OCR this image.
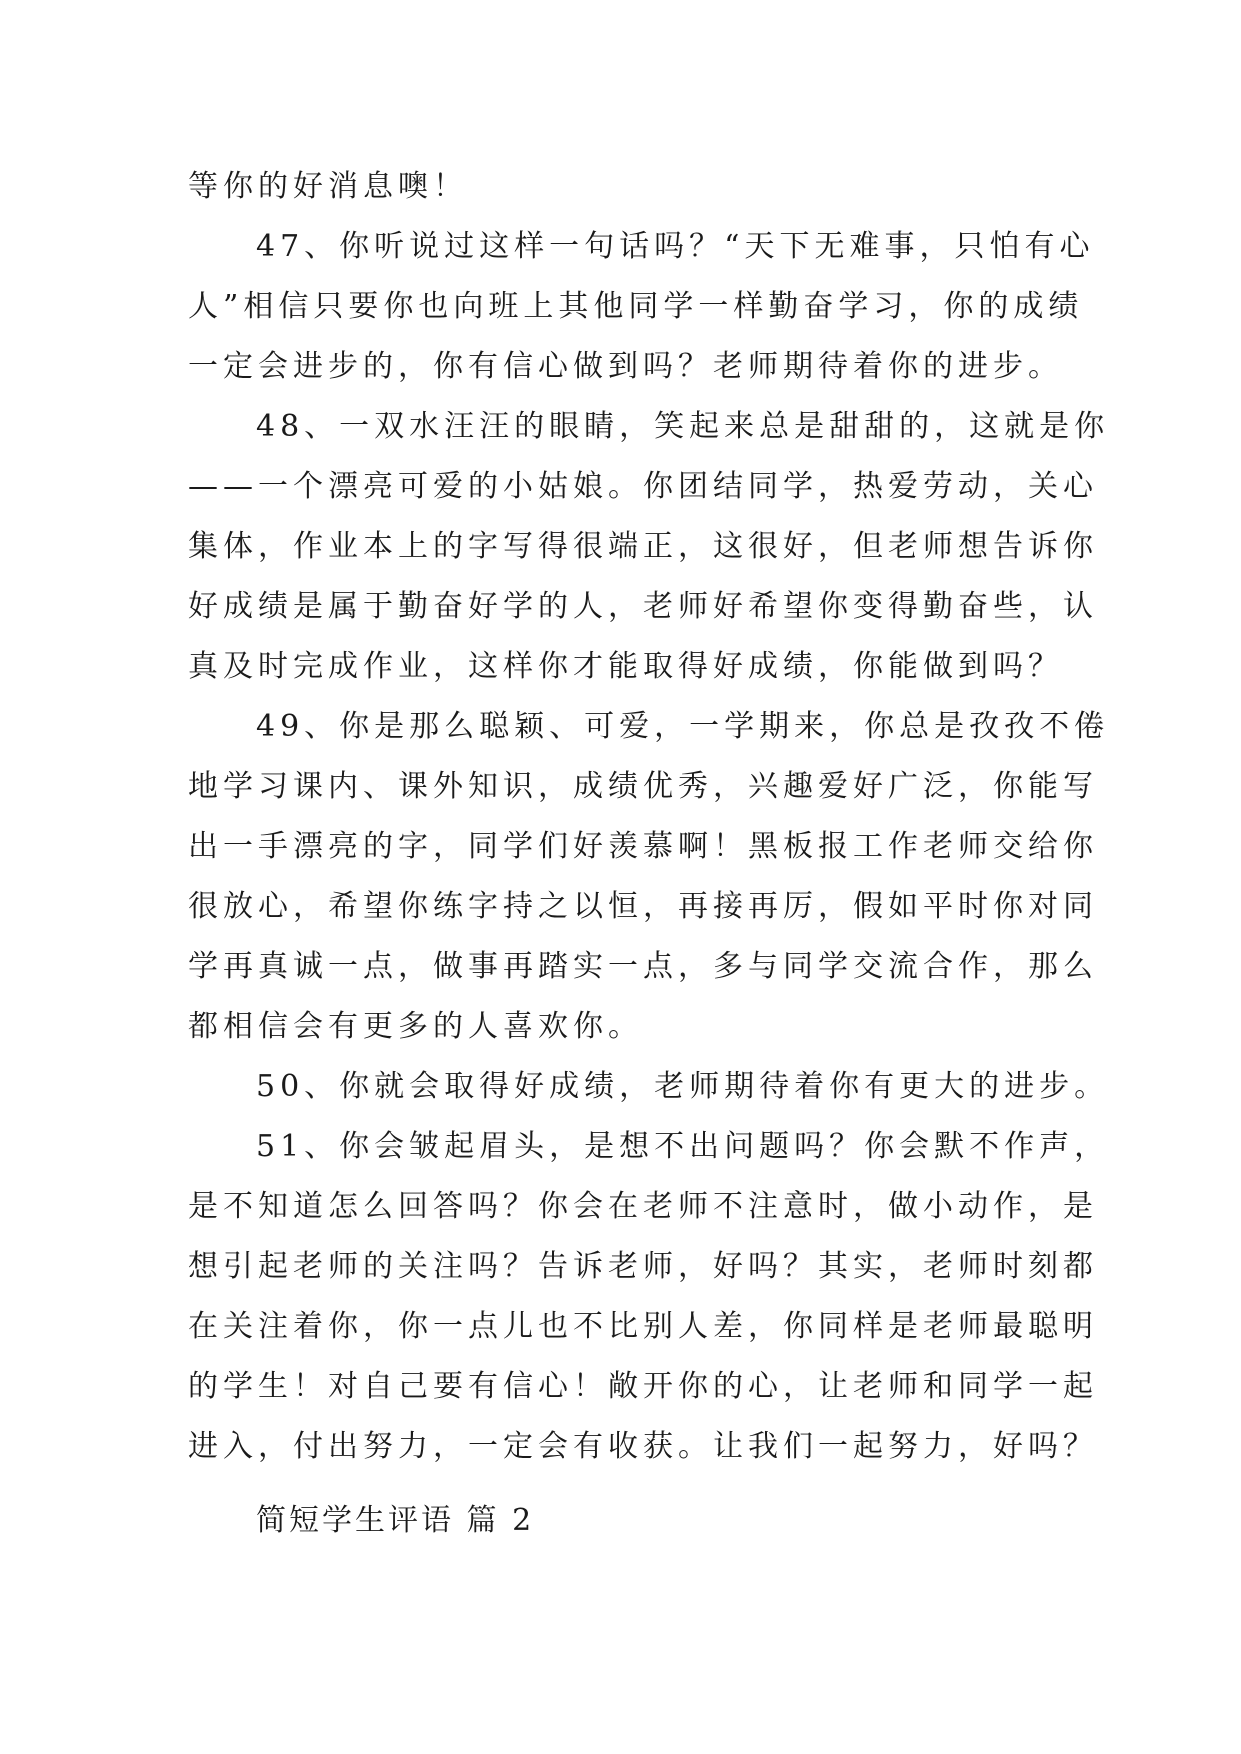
等你的好消息噢！
47、你听说过这样一句话吗？“天下无难事，只怕有心
人”相信只要你也向班上其他同学一样勤奋学习，你的成绩
一定会进步的，你有信心做到吗？老师期待着你的进步。
48、一双水汪汪的眼睛，笑起来总是甜甜的，这就是你
——一个漂亮可爱的小姑娘。你团结同学，热爱劳动，关心
集体，作业本上的字写得很端正，这很好，但老师想告诉你
好成绩是属于勤奋好学的人，老师好希望你变得勤奋些，认
真及时完成作业，这样你才能取得好成绩，你能做到吗？
49、你是那么聪颖、可爱，一学期来，你总是孜孜不倦
地学习课内、课外知识，成绩优秀，兴趣爱好广泛，你能写
出一手漂亮的字，同学们好羡慕啊！黑板报工作老师交给你
很放心，希望你练字持之以恒，再接再厉，假如平时你对同
学再真诚一点，做事再踏实一点，多与同学交流合作，那么
都相信会有更多的人喜欢你。
50、你就会取得好成绩，老师期待着你有更大的进步。
51、你会皱起眉头，是想不出问题吗？你会默不作声，
是不知道怎么回答吗？你会在老师不注意时，做小动作，是
想引起老师的关注吗？告诉老师，好吗？其实，老师时刻都
在关注着你，你一点儿也不比别人差，你同样是老师最聪明
的学生！对自己要有信心！敞开你的心，让老师和同学一起
进入，付出努力，一定会有收获。让我们一起努力，好吗？
简短学生评语 篇 2
